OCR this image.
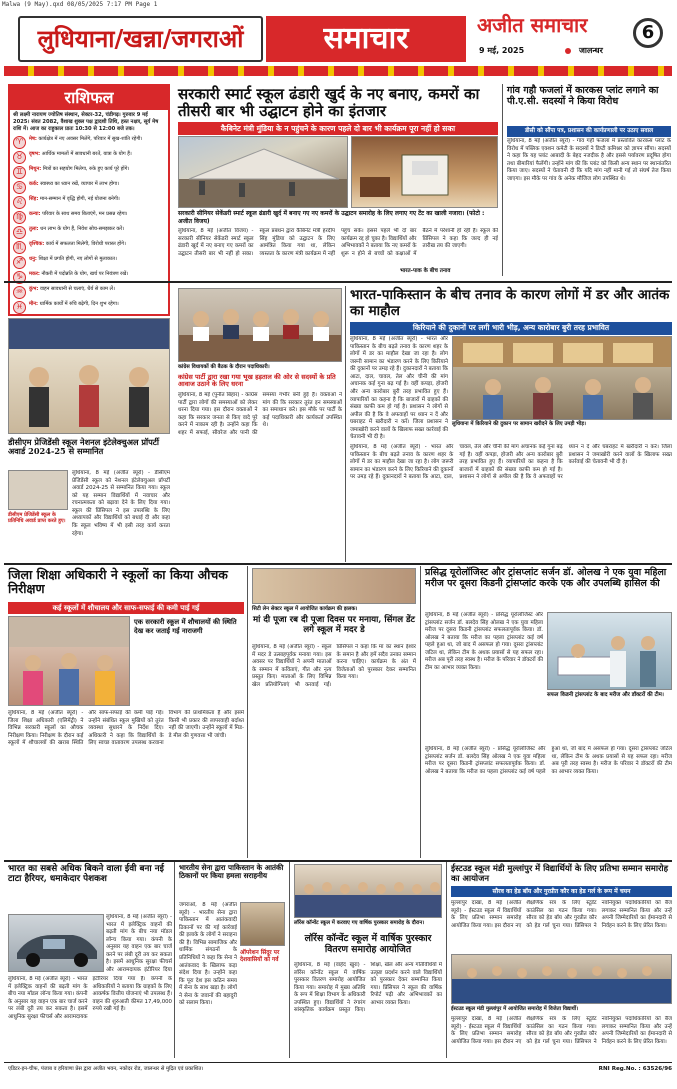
Malwa (9 May).qxd 08/05/2025 7:17 PM Page 1
लुधियाना/खन्ना/जगराओं	समाचार	अजीत समाचार	6
9 मई, 2025	जालन्धर
राशिफल
श्री लक्ष्मी नारायण ज्योतिष संस्थान, सेक्टर-32, चंडीगढ़। गुरुवार 9 मई 2025। संवत 2082, वैशाख शुक्ल पक्ष द्वादशी तिथि, हस्त नक्षत्र, सूर्य मेष राशि में। आज का राहुकाल प्रातः 10:30 से 12:00 बजे तक।
♈	मेष: कार्यक्षेत्र में नए अवसर मिलेंगे, परिवार में सुख-शांति रहेगी।
♉	वृषभ: आर्थिक मामलों में सावधानी बरतें, यात्रा के योग हैं।
♊	मिथुन: मित्रों का सहयोग मिलेगा, रुके हुए कार्य पूरे होंगे।
♋	कर्क: स्वास्थ्य का ध्यान रखें, व्यापार में लाभ होगा।
♌	सिंह: मान-सम्मान में वृद्धि होगी, नई योजना बनेगी।
♍	कन्या: परिवार के साथ समय बिताएंगे, मन प्रसन्न रहेगा।
♎	तुला: धन लाभ के योग हैं, निवेश सोच-समझकर करें।
♏	वृश्चिक: कार्य में सफलता मिलेगी, विरोधी परास्त होंगे।
♐	धनु: शिक्षा में प्रगति होगी, नए लोगों से मुलाकात।
♑	मकर: नौकरी में पदोन्नति के योग, खर्च पर नियंत्रण रखें।
♒	कुंभ: वाहन सावधानी से चलाएं, धैर्य से काम लें।
♓	मीन: धार्मिक कार्यों में रुचि बढ़ेगी, दिन शुभ रहेगा।
सरकारी स्मार्ट स्कूल ढंडारी खुर्द के नए बनाए, कमरों का तीसरी बार भी उद्घाटन होने का इंतजार
कैबिनेट मंत्री मुंडिया के न पहुंचने के कारण पहले दो बार भी कार्यक्रम पूरा नहीं हो सका
सरकारी सीनियर सेकेंडरी स्मार्ट स्कूल ढंडारी खुर्द में बनाए गए नए कमरों के उद्घाटन समारोह के लिए लगाए गए टेंट का खाली नजारा। (फोटो : अजीत विजय)
लुधियाना, 8 मई (अजीत विजय) - सरकारी सीनियर सेकेंडरी स्मार्ट स्कूल ढंडारी खुर्द में नए बनाए गए कमरों का उद्घाटन तीसरी बार भी नहीं हो सका। स्कूल प्रबंधन द्वारा कैबिनेट मंत्री हरदीप सिंह मुंडिया को उद्घाटन के लिए आमंत्रित किया गया था, लेकिन व्यस्तता के कारण मंत्री कार्यक्रम में नहीं पहुंच सके। इससे पहले भी दो बार कार्यक्रम रद्द हो चुका है। विद्यार्थियों और अभिभावकों ने बताया कि नए कमरों के शुरू न होने से बच्चों को कक्षाओं में बैठने में परेशानी हो रही है। स्कूल की प्रिंसिपल ने कहा कि जल्द ही नई तारीख तय की जाएगी।
भारत-पाक के बीच तनाव
गांव गहौ फजलां में कारकस प्लांट लगाने का पी.ए.सी. सदस्यों ने किया विरोध
डीसी को सौंपा पत्र, प्रशासन की कार्यप्रणाली पर उठाए सवाल
लुधियाना, 8 मई (अजीत ब्यूरो) - गांव गहौ फजलां में प्रस्तावित कारकस प्लांट के विरोध में पब्लिक एक्शन कमेटी के सदस्यों ने डिप्टी कमिश्नर को ज्ञापन सौंपा। सदस्यों ने कहा कि यह प्लांट आबादी के बेहद नजदीक है और इससे पर्यावरण प्रदूषित होगा तथा बीमारियां फैलेंगी। उन्होंने मांग की कि प्लांट को किसी अन्य स्थान पर स्थानांतरित किया जाए। सदस्यों ने चेतावनी दी कि यदि मांग नहीं मानी गई तो संघर्ष तेज किया जाएगा। इस मौके पर गांव के अनेक मौजिज लोग उपस्थित थे।
कांग्रेस विधायकों की बैठक के दौरान पदाधिकारी।
कांग्रेस पार्टी द्वारा रखा गया भूख हड़ताल की ओर से सदस्यों के प्रति आवाज उठाने के लिए धरना
लुधियाना, 8 मई (पुनीत बिहार) - कांग्रेस पार्टी द्वारा लोगों की समस्याओं को लेकर धरना दिया गया। इस दौरान वक्ताओं ने कहा कि सरकार जनता से किए वादे पूरे करने में नाकाम रही है। उन्होंने कहा कि शहर में सफाई, सीवरेज और पानी की समस्या गंभीर बनी हुई है। वक्ताओं ने मांग की कि सरकार तुरंत इन समस्याओं का समाधान करे। इस मौके पर पार्टी के कई पदाधिकारी और कार्यकर्ता उपस्थित थे।
डीसीएम प्रेजिडेंसी स्कूल नेशनल इंटेलेक्चुअल प्रॉपर्टी अवार्ड 2024-25 से सम्मानित
डीसीएम प्रेजिडेंसी स्कूल के प्रतिनिधि अवार्ड प्राप्त करते हुए।
लुधियाना, 8 मई (अजीत ब्यूरो) - डीसीएम प्रेजिडेंसी स्कूल को नेशनल इंटेलेक्चुअल प्रॉपर्टी अवार्ड 2024-25 से सम्मानित किया गया। स्कूल को यह सम्मान विद्यार्थियों में नवाचार और रचनात्मकता को बढ़ावा देने के लिए दिया गया। स्कूल की प्रिंसिपल ने इस उपलब्धि के लिए अध्यापकों और विद्यार्थियों को बधाई दी और कहा कि स्कूल भविष्य में भी इसी तरह कार्य करता रहेगा।
भारत-पाकिस्तान के बीच तनाव के कारण लोगों में डर और आतंक का माहौल
किरियाने की दुकानों पर लगी भारी भीड़, अन्य कारोबार बुरी तरह प्रभावित
लुधियाना, 8 मई (अजीत ब्यूरो) - भारत और पाकिस्तान के बीच बढ़ते तनाव के कारण शहर के लोगों में डर का माहौल देखा जा रहा है। लोग जरूरी सामान का भंडारण करने के लिए किरियाने की दुकानों पर उमड़ रहे हैं। दुकानदारों ने बताया कि आटा, दाल, चावल, तेल और चीनी की मांग अचानक कई गुना बढ़ गई है। वहीं कपड़ा, होजरी और अन्य कारोबार बुरी तरह प्रभावित हुए हैं। व्यापारियों का कहना है कि बाजारों में ग्राहकों की संख्या काफी कम हो गई है। प्रशासन ने लोगों से अपील की है कि वे अफवाहों पर ध्यान न दें और घबराहट में खरीदारी न करें। जिला प्रशासन ने जमाखोरी करने वालों के खिलाफ सख्त कार्रवाई की चेतावनी भी दी है।
लुधियाना में किरियाने की दुकान पर सामान खरीदने के लिए उमड़ी भीड़।
लुधियाना, 8 मई (अजीत ब्यूरो) - भारत और पाकिस्तान के बीच बढ़ते तनाव के कारण शहर के लोगों में डर का माहौल देखा जा रहा है। लोग जरूरी सामान का भंडारण करने के लिए किरियाने की दुकानों पर उमड़ रहे हैं। दुकानदारों ने बताया कि आटा, दाल, चावल, तेल और चीनी की मांग अचानक कई गुना बढ़ गई है। वहीं कपड़ा, होजरी और अन्य कारोबार बुरी तरह प्रभावित हुए हैं। व्यापारियों का कहना है कि बाजारों में ग्राहकों की संख्या काफी कम हो गई है। प्रशासन ने लोगों से अपील की है कि वे अफवाहों पर ध्यान न दें और घबराहट में खरीदारी न करें। जिला प्रशासन ने जमाखोरी करने वालों के खिलाफ सख्त कार्रवाई की चेतावनी भी दी है।
जिला शिक्षा अधिकारी ने स्कूलों का किया औचक निरीक्षण
कई स्कूलों में शौचालय और साफ-सफाई की कमी पाई गई
एक सरकारी स्कूल में शौचालयों की स्थिति देख कर जताई गई नाराजगी
लुधियाना, 8 मई (अजीत ब्यूरो) - जिला शिक्षा अधिकारी (एलिमेंट्री) ने विभिन्न सरकारी स्कूलों का औचक निरीक्षण किया। निरीक्षण के दौरान कई स्कूलों में शौचालयों की खराब स्थिति और साफ-सफाई की कमी पाई गई। उन्होंने संबंधित स्कूल मुखियों को तुरंत व्यवस्था सुधारने के निर्देश दिए। अधिकारी ने कहा कि विद्यार्थियों के लिए स्वच्छ वातावरण उपलब्ध करवाना विभाग की प्राथमिकता है और इसमें किसी भी प्रकार की लापरवाही बर्दाश्त नहीं की जाएगी। उन्होंने स्कूलों में मिड-डे मील की गुणवत्ता भी जांची।
सिटी लेन सेक्टर स्कूल में आयोजित कार्यक्रम की झलक।
मां दी पूजा रब दी पूजा दिवस पर मनाया, सिंगल डेंट लगे स्कूल में मदर डे
लुधियाना, 8 मई (अजीत ब्यूरो) - स्कूल में मदर डे उत्साहपूर्वक मनाया गया। इस अवसर पर विद्यार्थियों ने अपनी माताओं के सम्मान में कविताएं, गीत और नृत्य प्रस्तुत किए। माताओं के लिए विभिन्न खेल प्रतियोगिताएं भी करवाई गईं। प्रिंसिपल ने कहा कि मां का स्थान ईश्वर के समान है और हमें सदैव उनका सम्मान करना चाहिए। कार्यक्रम के अंत में विजेताओं को पुरस्कार देकर सम्मानित किया गया।
प्रसिद्ध यूरोलॉजिस्ट और ट्रांसप्लांट सर्जन डॉ. ओलख ने एक युवा महिला मरीज पर दूसरा किडनी ट्रांसप्लांट करके एक और उपलब्धि हासिल की
लुधियाना, 8 मई (अजीत ब्यूरो) - प्रसिद्ध यूरोलॉजिस्ट और ट्रांसप्लांट सर्जन डॉ. बलदेव सिंह ओलख ने एक युवा महिला मरीज पर दूसरा किडनी ट्रांसप्लांट सफलतापूर्वक किया। डॉ. ओलख ने बताया कि मरीज का पहला ट्रांसप्लांट कई वर्ष पहले हुआ था, जो बाद में असफल हो गया। दूसरा ट्रांसप्लांट जटिल था, लेकिन टीम के अथक प्रयासों से यह सफल रहा। मरीज अब पूरी तरह स्वस्थ है। मरीज के परिवार ने डॉक्टरों की टीम का आभार व्यक्त किया।
सफल किडनी ट्रांसप्लांट के बाद मरीज और डॉक्टरों की टीम।
लुधियाना, 8 मई (अजीत ब्यूरो) - प्रसिद्ध यूरोलॉजिस्ट और ट्रांसप्लांट सर्जन डॉ. बलदेव सिंह ओलख ने एक युवा महिला मरीज पर दूसरा किडनी ट्रांसप्लांट सफलतापूर्वक किया। डॉ. ओलख ने बताया कि मरीज का पहला ट्रांसप्लांट कई वर्ष पहले हुआ था, जो बाद में असफल हो गया। दूसरा ट्रांसप्लांट जटिल था, लेकिन टीम के अथक प्रयासों से यह सफल रहा। मरीज अब पूरी तरह स्वस्थ है। मरीज के परिवार ने डॉक्टरों की टीम का आभार व्यक्त किया।
भारत का सबसे अधिक बिकने वाला ईवी बना नई टाटा हैरियर, धमाकेदार पेशकश
लुधियाना, 8 मई (अजीत ब्यूरो) - भारत में इलेक्ट्रिक वाहनों की बढ़ती मांग के बीच नया मॉडल लॉन्च किया गया। कंपनी के अनुसार यह वाहन एक बार चार्ज करने पर लंबी दूरी तय कर सकता है। इसमें आधुनिक सुरक्षा फीचर्स और आरामदायक इंटीरियर दिया
लुधियाना, 8 मई (अजीत ब्यूरो) - भारत में इलेक्ट्रिक वाहनों की बढ़ती मांग के बीच नया मॉडल लॉन्च किया गया। कंपनी के अनुसार यह वाहन एक बार चार्ज करने पर लंबी दूरी तय कर सकता है। इसमें आधुनिक सुरक्षा फीचर्स और आरामदायक इंटीरियर दिया गया है। कंपनी के अधिकारियों ने बताया कि ग्राहकों के लिए आकर्षक वित्तीय योजनाएं भी उपलब्ध हैं। वाहन की शुरुआती कीमत 17,49,000 रुपये रखी गई है।
भारतीय सेना द्वारा पाकिस्तान के आतंकी ठिकानों पर किया हमला सराहनीय
जगराओं, 8 मई (अजीत ब्यूरो) - भारतीय सेना द्वारा पाकिस्तान में आतंकवादी ठिकानों पर की गई कार्रवाई की इलाके के लोगों ने सराहना की है। विभिन्न सामाजिक और धार्मिक संगठनों के प्रतिनिधियों ने कहा कि सेना ने आतंकवाद के खिलाफ कड़ा संदेश दिया है। उन्होंने कहा कि पूरा देश इस कठिन समय में सेना के साथ खड़ा है। लोगों ने सेना के जवानों की बहादुरी को सलाम किया।
ऑपरेशन सिंदूर पर देशवासियों को गर्व
लॉरेंस कॉन्वेंट स्कूल में करवाए गए वार्षिक पुरस्कार समारोह के दौरान।
लॉरेंस कॉन्वेंट स्कूल में वार्षिक पुरस्कार वितरण समारोह आयोजित
लुधियाना, 8 मई (वाहेद खुरा) - लॉरेंस कॉन्वेंट स्कूल में वार्षिक पुरस्कार वितरण समारोह आयोजित किया गया। समारोह में मुख्य अतिथि के रूप में शिक्षा विभाग के अधिकारी उपस्थित हुए। विद्यार्थियों ने रंगारंग सांस्कृतिक कार्यक्रम प्रस्तुत किए। शिक्षा, खेल और अन्य गतिविधियों में उत्कृष्ट प्रदर्शन करने वाले विद्यार्थियों को पुरस्कार देकर सम्मानित किया गया। प्रिंसिपल ने स्कूल की वार्षिक रिपोर्ट पढ़ी और अभिभावकों का आभार व्यक्त किया।
ईस्टउड स्कूल मंडी मुल्लांपुर में विद्यार्थियों के लिए प्रतिभा सम्मान समारोह का आयोजन
सौरव का हेड बॉय और गुरप्रीत कौर का हेड गर्ल के रूप में चयन
मुल्लांपुर दाखा, 8 मई (अजीत ब्यूरो) - ईस्टउड स्कूल में विद्यार्थियों के लिए प्रतिभा सम्मान समारोह आयोजित किया गया। इस दौरान नए शैक्षणिक सत्र के लिए स्टूडेंट काउंसिल का गठन किया गया। सौरव को हेड बॉय और गुरप्रीत कौर को हेड गर्ल चुना गया। प्रिंसिपल ने नवनियुक्त पदाधिकारियों को बैज लगाकर सम्मानित किया और उन्हें अपनी जिम्मेदारियों का ईमानदारी से निर्वहन करने के लिए प्रेरित किया।
ईस्टउड स्कूल मंडी मुल्लांपुर में आयोजित समारोह में विजेता विद्यार्थी।
मुल्लांपुर दाखा, 8 मई (अजीत ब्यूरो) - ईस्टउड स्कूल में विद्यार्थियों के लिए प्रतिभा सम्मान समारोह आयोजित किया गया। इस दौरान नए शैक्षणिक सत्र के लिए स्टूडेंट काउंसिल का गठन किया गया। सौरव को हेड बॉय और गुरप्रीत कौर को हेड गर्ल चुना गया। प्रिंसिपल ने नवनियुक्त पदाधिकारियों को बैज लगाकर सम्मानित किया और उन्हें अपनी जिम्मेदारियों का ईमानदारी से निर्वहन करने के लिए प्रेरित किया।
एडिटर-इन-चीफ, पंजाब व हरियाणा प्रेस द्वारा अजीत भवन, नकोदर रोड, जालन्धर से मुद्रित एवं प्रकाशित।	RNI Reg.No. : 63526/96
